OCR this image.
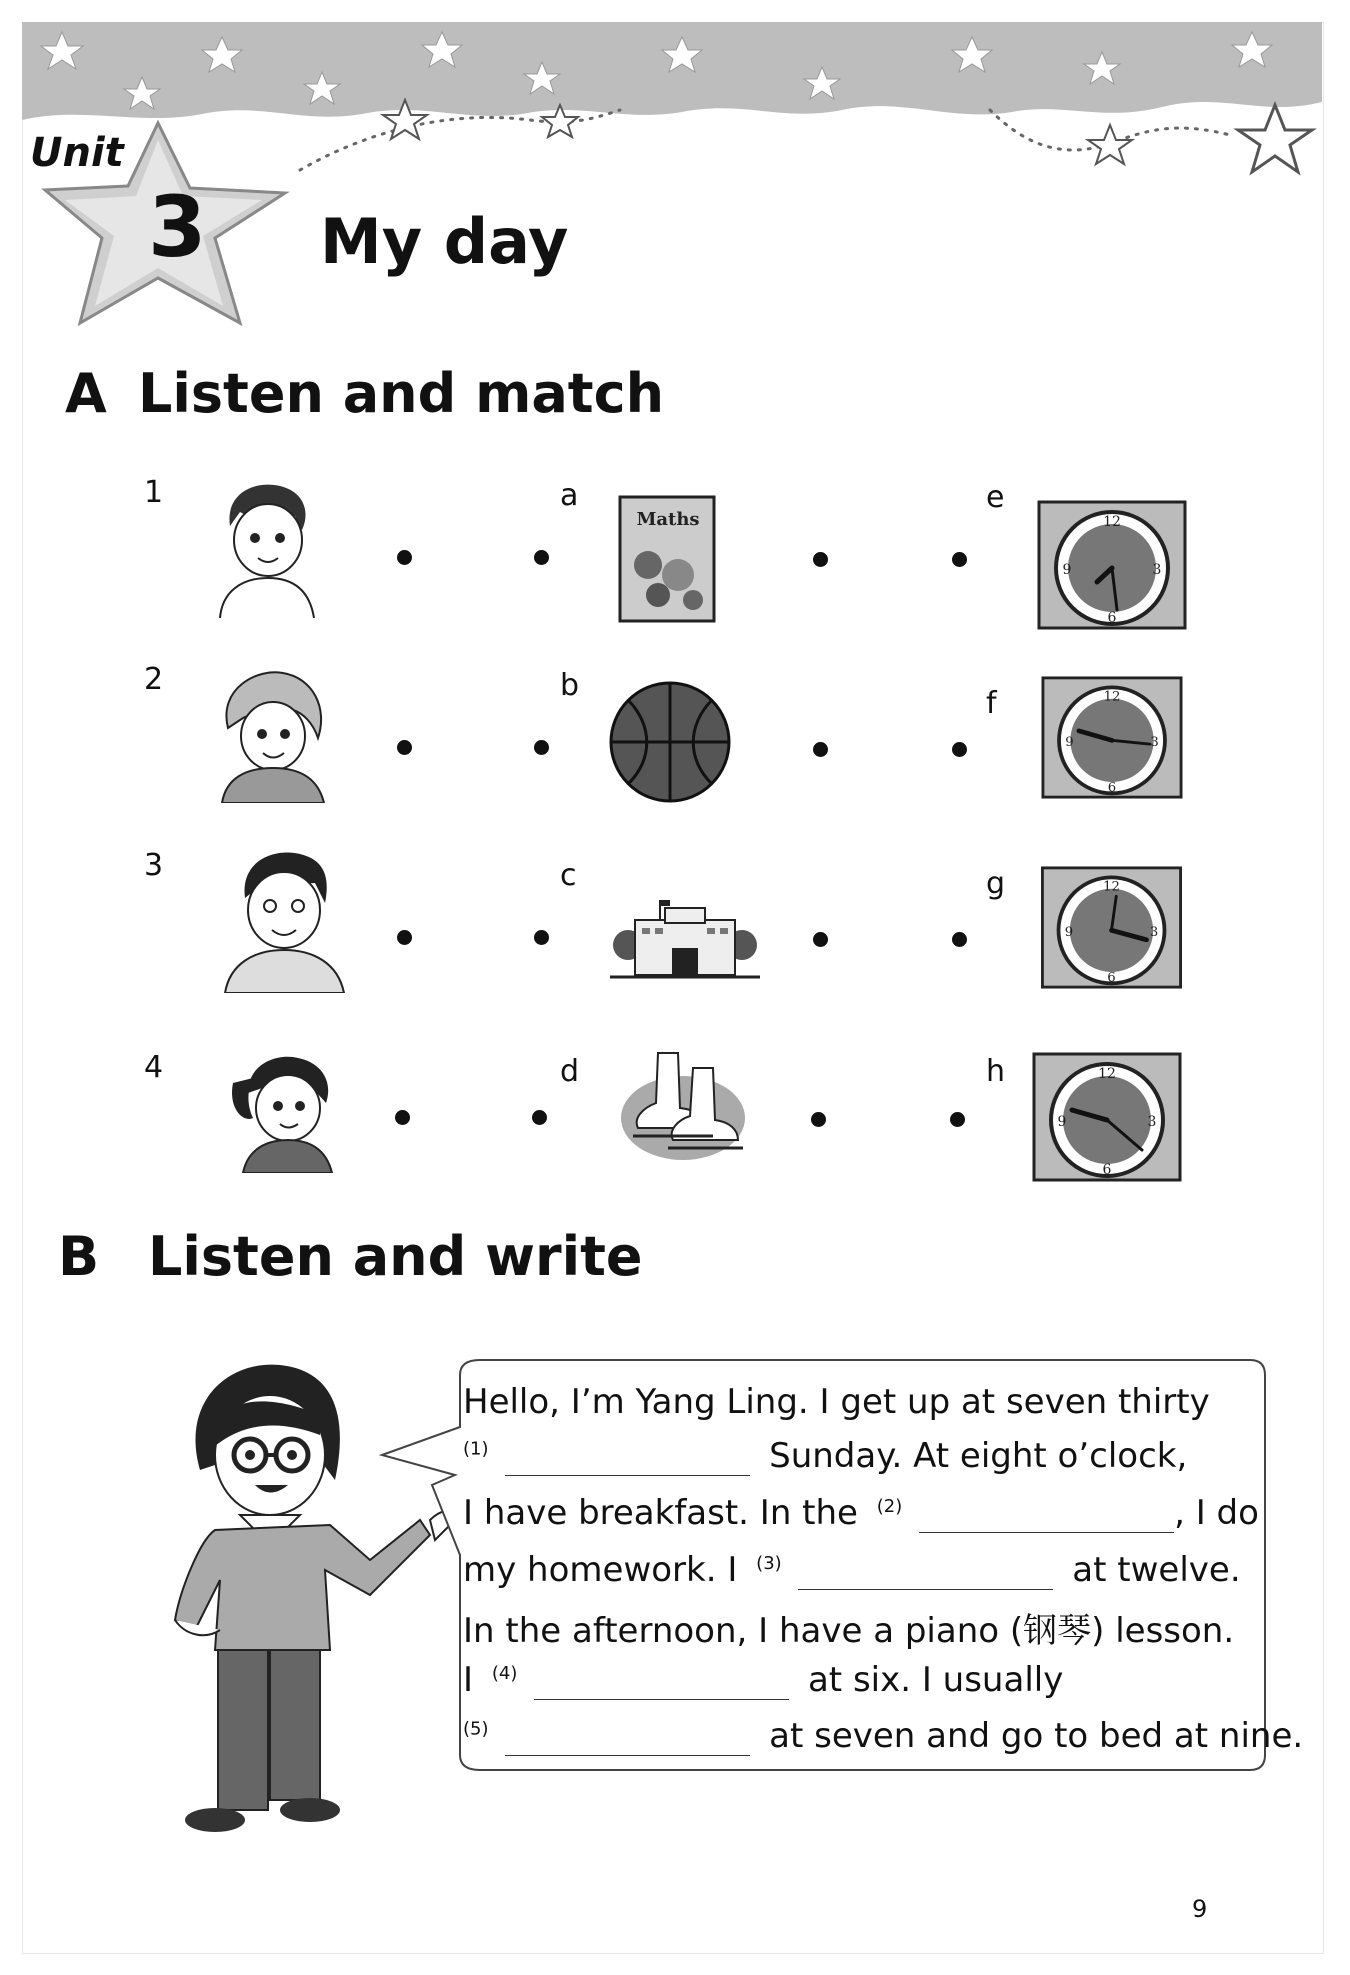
Unit
3 My day
A Listen and match
1
2
3
4
a
b
c
d
e
f
g
h
Maths	12
3
6
9
12
3
6
9
12
3
6
9
12
3
6
9
B Listen and write
Hello, I’m Yang Ling. I get up at seven thirty
$^{(1)}$	Sunday. At eight o’clock,
I have breakfast. In the $^{(2)}$	, I do
my homework. I $^{(3)}$	at twelve.
In the afternoon, I have a piano (钢琴) lesson.
I $^{(4)}$	at six. I usually
$^{(5)}$	at seven and go to bed at nine.
9
